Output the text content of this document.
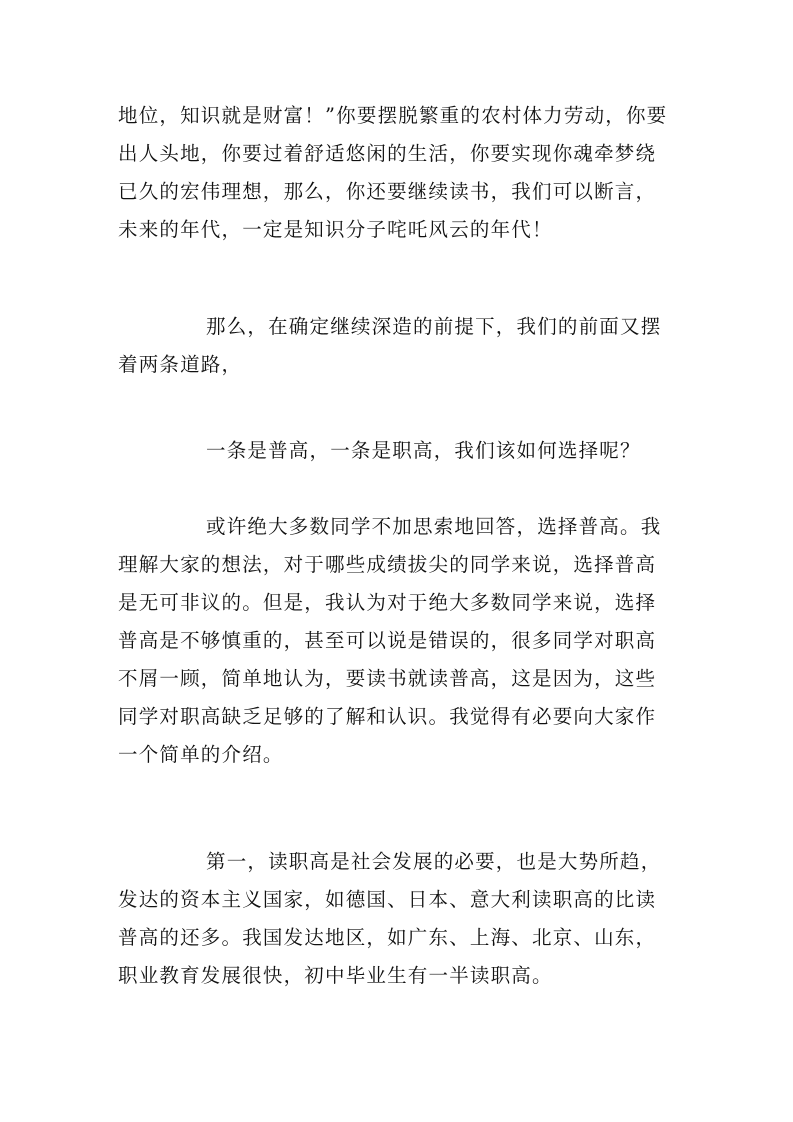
地位，知识就是财富！”你要摆脱繁重的农村体力劳动，你要
出人头地，你要过着舒适悠闲的生活，你要实现你魂牵梦绕
已久的宏伟理想，那么，你还要继续读书，我们可以断言，
未来的年代，一定是知识分子咤吒风云的年代！

那么，在确定继续深造的前提下，我们的前面又摆
着两条道路，

一条是普高，一条是职高，我们该如何选择呢？

或许绝大多数同学不加思索地回答，选择普高。我
理解大家的想法，对于哪些成绩拔尖的同学来说，选择普高
是无可非议的。但是，我认为对于绝大多数同学来说，选择
普高是不够慎重的，甚至可以说是错误的，很多同学对职高
不屑一顾，简单地认为，要读书就读普高，这是因为，这些
同学对职高缺乏足够的了解和认识。我觉得有必要向大家作
一个简单的介绍。

第一，读职高是社会发展的必要，也是大势所趋，
发达的资本主义国家，如德国、日本、意大利读职高的比读
普高的还多。我国发达地区，如广东、上海、北京、山东，
职业教育发展很快，初中毕业生有一半读职高。
